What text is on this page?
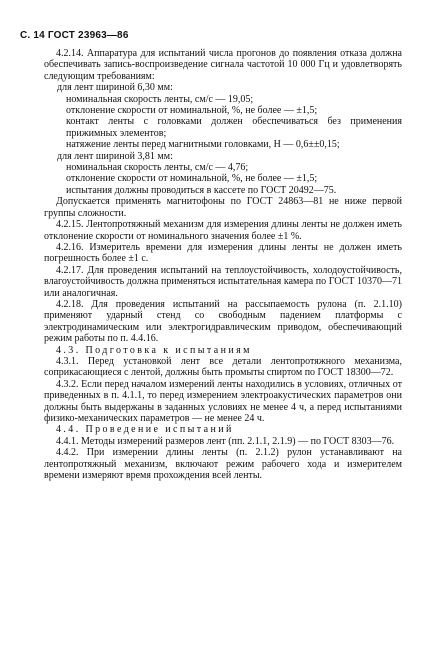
С. 14 ГОСТ 23963—86

4.2.14. Аппаратура для испытаний числа прогонов до появления отказа должна обеспечивать запись-воспроизведение сигнала частотой 10 000 Гц и удовлетворять следующим требованиям:

для лент шириной 6,30 мм:

номинальная скорость ленты, см/с — 19,05;

отклонение скорости от номинальной, %, не более — ±1,5;

контакт ленты с головками должен обеспечиваться без применения прижимных элементов;

натяжение ленты перед магнитными головками, Н — 0,6±±0,15;

для лент шириной 3,81 мм:

номинальная скорость ленты, см/с — 4,76;

отклонение скорости от номинальной, %, не более — ±1,5;

испытания должны проводиться в кассете по ГОСТ 20492—75.

Допускается применять магнитофоны по ГОСТ 24863—81 не ниже первой группы сложности.

4.2.15. Лентопротяжный механизм для измерения длины ленты не должен иметь отклонение скорости от номинального значения более ±1 %.

4.2.16. Измеритель времени для измерения длины ленты не должен иметь погрешность более ±1 с.

4.2.17. Для проведения испытаний на теплоустойчивость, холодоустойчивость, влагоустойчивость должна применяться испытательная камера по ГОСТ 10370—71 или аналогичная.

4.2.18. Для проведения испытаний на рассыпаемость рулона (п. 2.1.10) применяют ударный стенд со свободным падением платформы с электродинамическим или электрогидравлическим приводом, обеспечивающий режим работы по п. 4.4.16.

4.3. Подготовка к испытаниям

4.3.1. Перед установкой лент все детали лентопротяжного механизма, соприкасающиеся с лентой, должны быть промыты спиртом по ГОСТ 18300—72.

4.3.2. Если перед началом измерений ленты находились в условиях, отличных от приведенных в п. 4.1.1, то перед измерением электроакустических параметров они должны быть выдержаны в заданных условиях не менее 4 ч, а перед испытаниями физико-механических параметров — не менее 24 ч.

4.4. Проведение испытаний

4.4.1. Методы измерений размеров лент (пп. 2.1.1, 2.1.9) — по ГОСТ 8303—76.

4.4.2. При измерении длины ленты (п. 2.1.2) рулон устанавливают на лентопротяжный механизм, включают режим рабочего хода и измерителем времени измеряют время прохождения всей ленты.
